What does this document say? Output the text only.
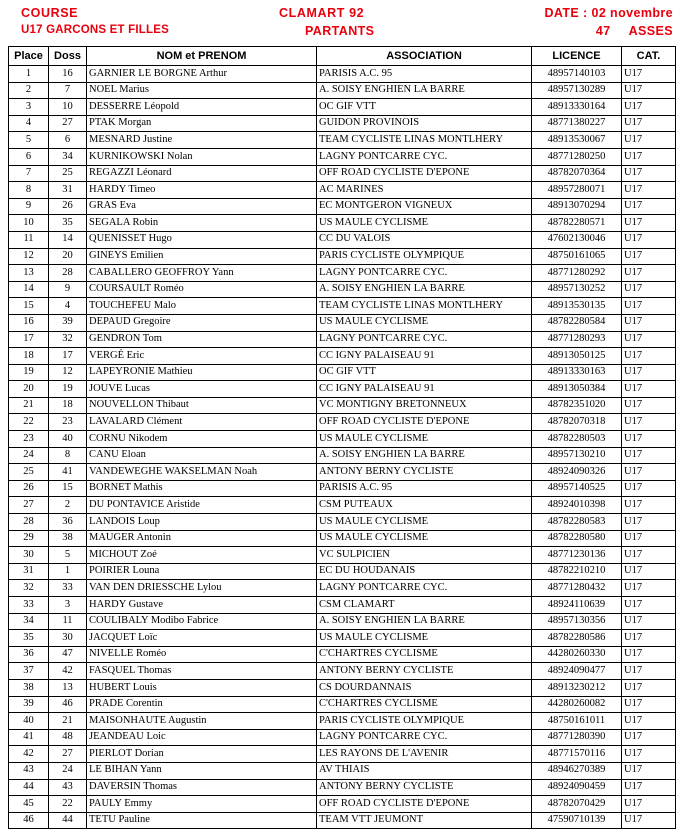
COURSE	CLAMART 92	DATE : 02 novembre
U17 GARCONS ET FILLES	PARTANTS	47 ASSES
Place	Doss	NOM et PRENOM	ASSOCIATION	LICENCE	CAT.
1	16	GARNIER LE BORGNE Arthur	PARISIS A.C. 95	48957140103	U17
2	7	NOEL Marius	A. SOISY ENGHIEN LA BARRE	48957130289	U17
3	10	DESSERRE Léopold	OC GIF VTT	48913330164	U17
4	27	PTAK Morgan	GUIDON PROVINOIS	48771380227	U17
5	6	MESNARD Justine	TEAM CYCLISTE LINAS MONTLHERY	48913530067	U17
6	34	KURNIKOWSKI Nolan	LAGNY PONTCARRE CYC.	48771280250	U17
7	25	REGAZZI Léonard	OFF ROAD CYCLISTE D'EPONE	48782070364	U17
8	31	HARDY Timeo	AC MARINES	48957280071	U17
9	26	GRAS Eva	EC MONTGERON VIGNEUX	48913070294	U17
10	35	SEGALA Robin	US MAULE CYCLISME	48782280571	U17
11	14	QUENISSET Hugo	CC DU VALOIS	47602130046	U17
12	20	GINEYS Emilien	PARIS CYCLISTE OLYMPIQUE	48750161065	U17
13	28	CABALLERO GEOFFROY Yann	LAGNY PONTCARRE CYC.	48771280292	U17
14	9	COURSAULT Roméo	A. SOISY ENGHIEN LA BARRE	48957130252	U17
15	4	TOUCHEFEU Malo	TEAM CYCLISTE LINAS MONTLHERY	48913530135	U17
16	39	DEPAUD Gregoire	US MAULE CYCLISME	48782280584	U17
17	32	GENDRON Tom	LAGNY PONTCARRE CYC.	48771280293	U17
18	17	VERGÉ Eric	CC IGNY PALAISEAU 91	48913050125	U17
19	12	LAPEYRONIE Mathieu	OC GIF VTT	48913330163	U17
20	19	JOUVE Lucas	CC IGNY PALAISEAU 91	48913050384	U17
21	18	NOUVELLON Thibaut	VC MONTIGNY BRETONNEUX	48782351020	U17
22	23	LAVALARD Clément	OFF ROAD CYCLISTE D'EPONE	48782070318	U17
23	40	CORNU Nikodem	US MAULE CYCLISME	48782280503	U17
24	8	CANU Eloan	A. SOISY ENGHIEN LA BARRE	48957130210	U17
25	41	VANDEWEGHE WAKSELMAN Noah	ANTONY BERNY CYCLISTE	48924090326	U17
26	15	BORNET Mathis	PARISIS A.C. 95	48957140525	U17
27	2	DU PONTAVICE Aristide	CSM PUTEAUX	48924010398	U17
28	36	LANDOIS Loup	US MAULE CYCLISME	48782280583	U17
29	38	MAUGER Antonin	US MAULE CYCLISME	48782280580	U17
30	5	MICHOUT Zoé	VC SULPICIEN	48771230136	U17
31	1	POIRIER Louna	EC DU HOUDANAIS	48782210210	U17
32	33	VAN DEN DRIESSCHE Lylou	LAGNY PONTCARRE CYC.	48771280432	U17
33	3	HARDY Gustave	CSM CLAMART	48924110639	U17
34	11	COULIBALY Modibo Fabrice	A. SOISY ENGHIEN LA BARRE	48957130356	U17
35	30	JACQUET Loïc	US MAULE CYCLISME	48782280586	U17
36	47	NIVELLE Roméo	C'CHARTRES CYCLISME	44280260330	U17
37	42	FASQUEL Thomas	ANTONY BERNY CYCLISTE	48924090477	U17
38	13	HUBERT Louis	CS DOURDANNAIS	48913230212	U17
39	46	PRADE Corentin	C'CHARTRES CYCLISME	44280260082	U17
40	21	MAISONHAUTE Augustin	PARIS CYCLISTE OLYMPIQUE	48750161011	U17
41	48	JEANDEAU Loic	LAGNY PONTCARRE CYC.	48771280390	U17
42	27	PIERLOT Dorian	LES RAYONS DE L'AVENIR	48771570116	U17
43	24	LE BIHAN Yann	AV THIAIS	48946270389	U17
44	43	DAVERSIN Thomas	ANTONY BERNY CYCLISTE	48924090459	U17
45	22	PAULY Emmy	OFF ROAD CYCLISTE D'EPONE	48782070429	U17
46	44	TETU Pauline	TEAM VTT JEUMONT	47590710139	U17
